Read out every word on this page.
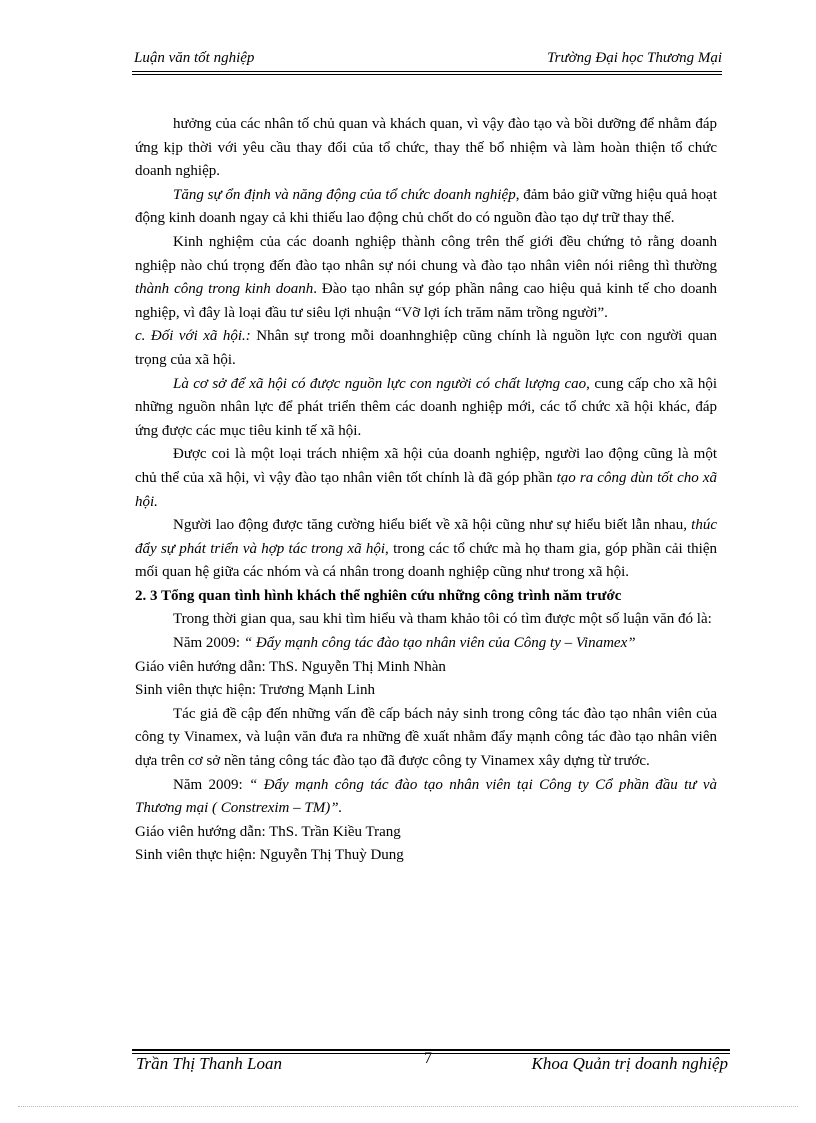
Luận văn tốt nghiệp	Trường Đại học Thương Mại

hưởng của các nhân tố chủ quan và khách quan, vì vậy đào tạo và bồi dưỡng để nhằm đáp ứng kịp thời với yêu cầu thay đổi của tổ chức, thay thế bổ nhiệm và làm hoàn thiện tổ chức doanh nghiệp.

Tăng sự ổn định và năng động của tổ chức doanh nghiệp, đảm bảo giữ vững hiệu quả hoạt động kinh doanh ngay cả khi thiếu lao động chủ chốt do có nguồn đào tạo dự trữ thay thế.

Kinh nghiệm của các doanh nghiệp thành công trên thế giới đều chứng tỏ rằng doanh nghiệp nào chú trọng đến đào tạo nhân sự nói chung và đào tạo nhân viên nói riêng thì thường thành công trong kinh doanh. Đào tạo nhân sự góp phần nâng cao hiệu quả kinh tế cho doanh nghiệp, vì đây là loại đầu tư siêu lợi nhuận “Vỡ lợi ích trăm năm trồng người”.

c. Đối với xã hội.: Nhân sự trong mỗi doanhnghiệp cũng chính là nguồn lực con người quan trọng của xã hội.

Là cơ sở để xã hội có được nguồn lực con người có chất lượng cao, cung cấp cho xã hội những nguồn nhân lực để phát triển thêm các doanh nghiệp mới, các tổ chức xã hội khác, đáp ứng được các mục tiêu kinh tế xã hội.

Được coi là một loại trách nhiệm xã hội của doanh nghiệp, người lao động cũng là một chủ thể của xã hội, vì vậy đào tạo nhân viên tốt chính là đã góp phần tạo ra công dùn tốt cho xã hội.

Người lao động được tăng cường hiểu biết về xã hội cũng như sự hiểu biết lẫn nhau, thúc đẩy sự phát triển và hợp tác trong xã hội, trong các tổ chức mà họ tham gia, góp phần cải thiện mối quan hệ giữa các nhóm và cá nhân trong doanh nghiệp cũng như trong xã hội.

2. 3 Tổng quan tình hình khách thể nghiên cứu những công trình năm trước

Trong thời gian qua, sau khi tìm hiểu và tham khảo tôi có tìm được một số luận văn đó là:

Năm 2009: “ Đẩy mạnh công tác đào tạo nhân viên của Công ty – Vinamex”

Giáo viên hướng dẫn: ThS. Nguyễn Thị Minh Nhàn

Sinh viên thực hiện: Trương Mạnh Linh

Tác giả đề cập đến những vấn đề cấp bách nảy sinh trong công tác đào tạo nhân viên của công ty Vinamex, và luận văn đưa ra những đề xuất nhằm đẩy mạnh công tác đào tạo nhân viên dựa trên cơ sở nền tảng công tác đào tạo đã được công ty Vinamex xây dựng từ trước.

Năm 2009: “ Đẩy mạnh công tác đào tạo nhân viên tại Công ty Cổ phần đầu tư và Thương mại ( Constrexim – TM)”.

Giáo viên hướng dẫn: ThS. Trần Kiều Trang

Sinh viên thực hiện: Nguyễn Thị Thuỳ Dung

Trần Thị Thanh Loan	7	Khoa Quản trị doanh nghiệp
